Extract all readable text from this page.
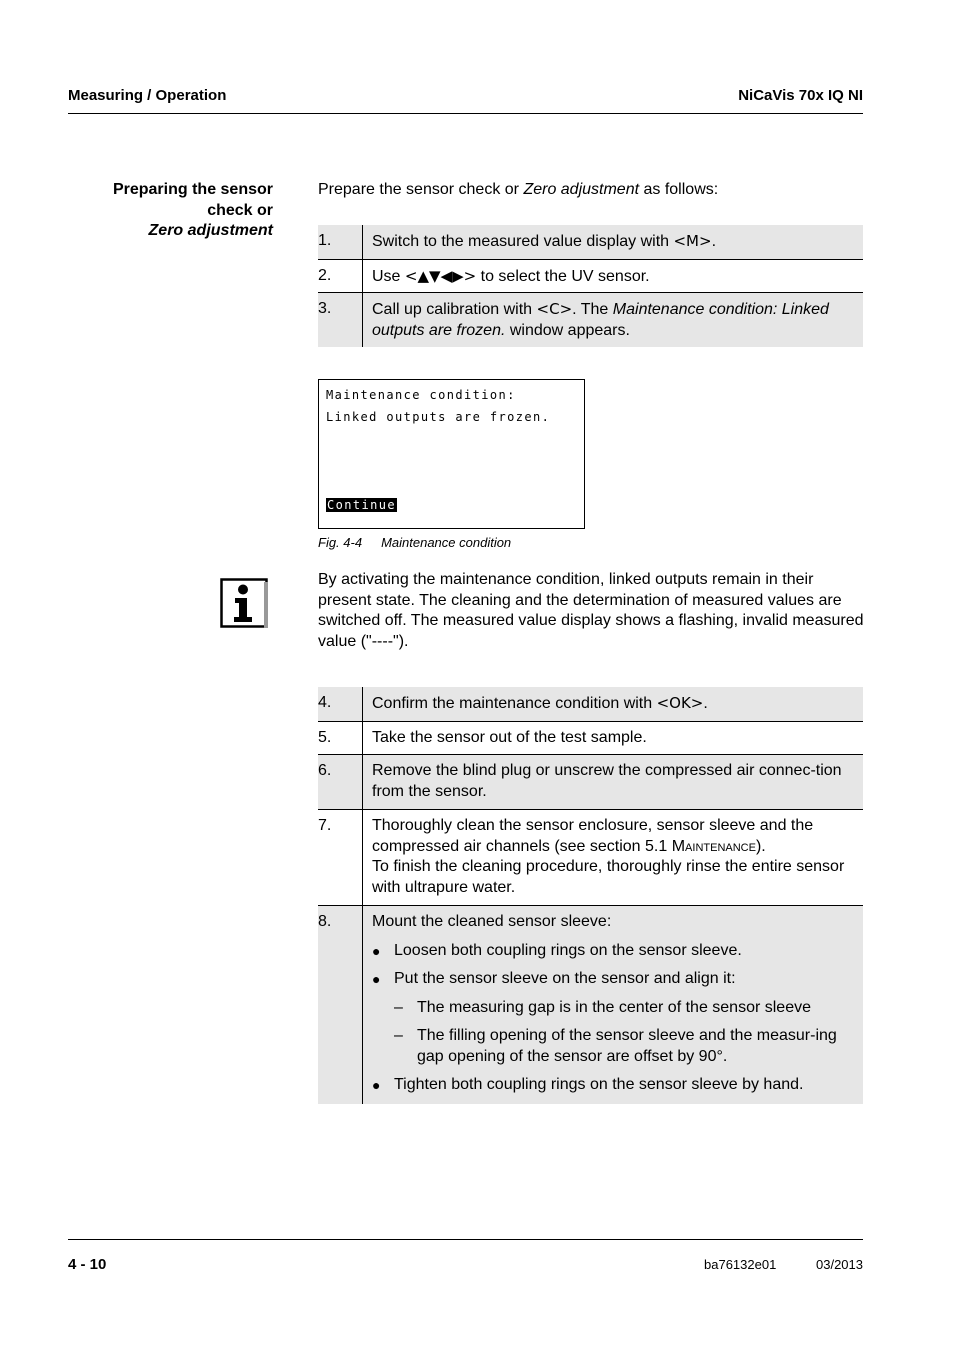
Measuring / Operation	NiCaVis 70x IQ NI
Preparing the sensor
check or
Zero adjustment
Prepare the sensor check or Zero adjustment as follows:
1.	Switch to the measured value display with <M>.
2.	Use <▲▼◀▶> to select the UV sensor.
3.	Call up calibration with <C>. The Maintenance condition: Linked outputs are frozen. window appears.
Maintenance condition:
Linked outputs are frozen.
Continue
Fig. 4-4 Maintenance condition
By activating the maintenance condition, linked outputs remain in their present state. The cleaning and the determination of measured values are switched off. The measured value display shows a flashing, invalid measured value ("----").
4.	Confirm the maintenance condition with <OK>.
5.	Take the sensor out of the test sample.
6.	Remove the blind plug or unscrew the compressed air connec-tion from the sensor.
7.	Thoroughly clean the sensor enclosure, sensor sleeve and the compressed air channels (see section 5.1 Maintenance).
To finish the cleaning procedure, thoroughly rinse the entire sensor with ultrapure water.
8.	Mount the cleaned sensor sleeve:
● Loosen both coupling rings on the sensor sleeve.
● Put the sensor sleeve on the sensor and align it:
– The measuring gap is in the center of the sensor sleeve
– The filling opening of the sensor sleeve and the measur-ing gap opening of the sensor are offset by 90°.
● Tighten both coupling rings on the sensor sleeve by hand.
4 - 10	ba76132e01	03/2013
